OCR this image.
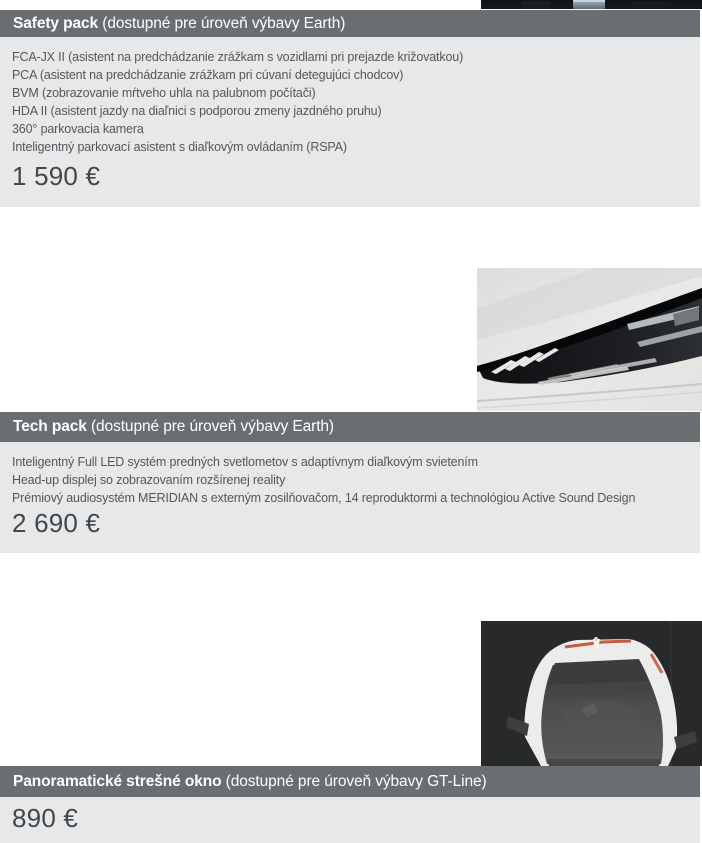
Safety pack (dostupné pre úroveň výbavy Earth)
FCA-JX II (asistent na predchádzanie zrážkam s vozidlami pri prejazde križovatkou)
PCA (asistent na predchádzanie zrážkam pri cúvaní detegujúci chodcov)
BVM (zobrazovanie mŕtveho uhla na palubnom počítači)
HDA II (asistent jazdy na diaľnici s podporou zmeny jazdného pruhu)
360° parkovacia kamera
Inteligentný parkovací asistent s diaľkovým ovládaním (RSPA)
1 590 €
Tech pack (dostupné pre úroveň výbavy Earth)
Inteligentný Full LED systém predných svetlometov s adaptívnym diaľkovým svietením
Head-up displej so zobrazovaním rozšírenej reality
Prémiový audiosystém MERIDIAN s externým zosilňovačom, 14 reproduktormi a technológiou Active Sound Design
2 690 €
Panoramatické strešné okno (dostupné pre úroveň výbavy GT-Line)
890 €
